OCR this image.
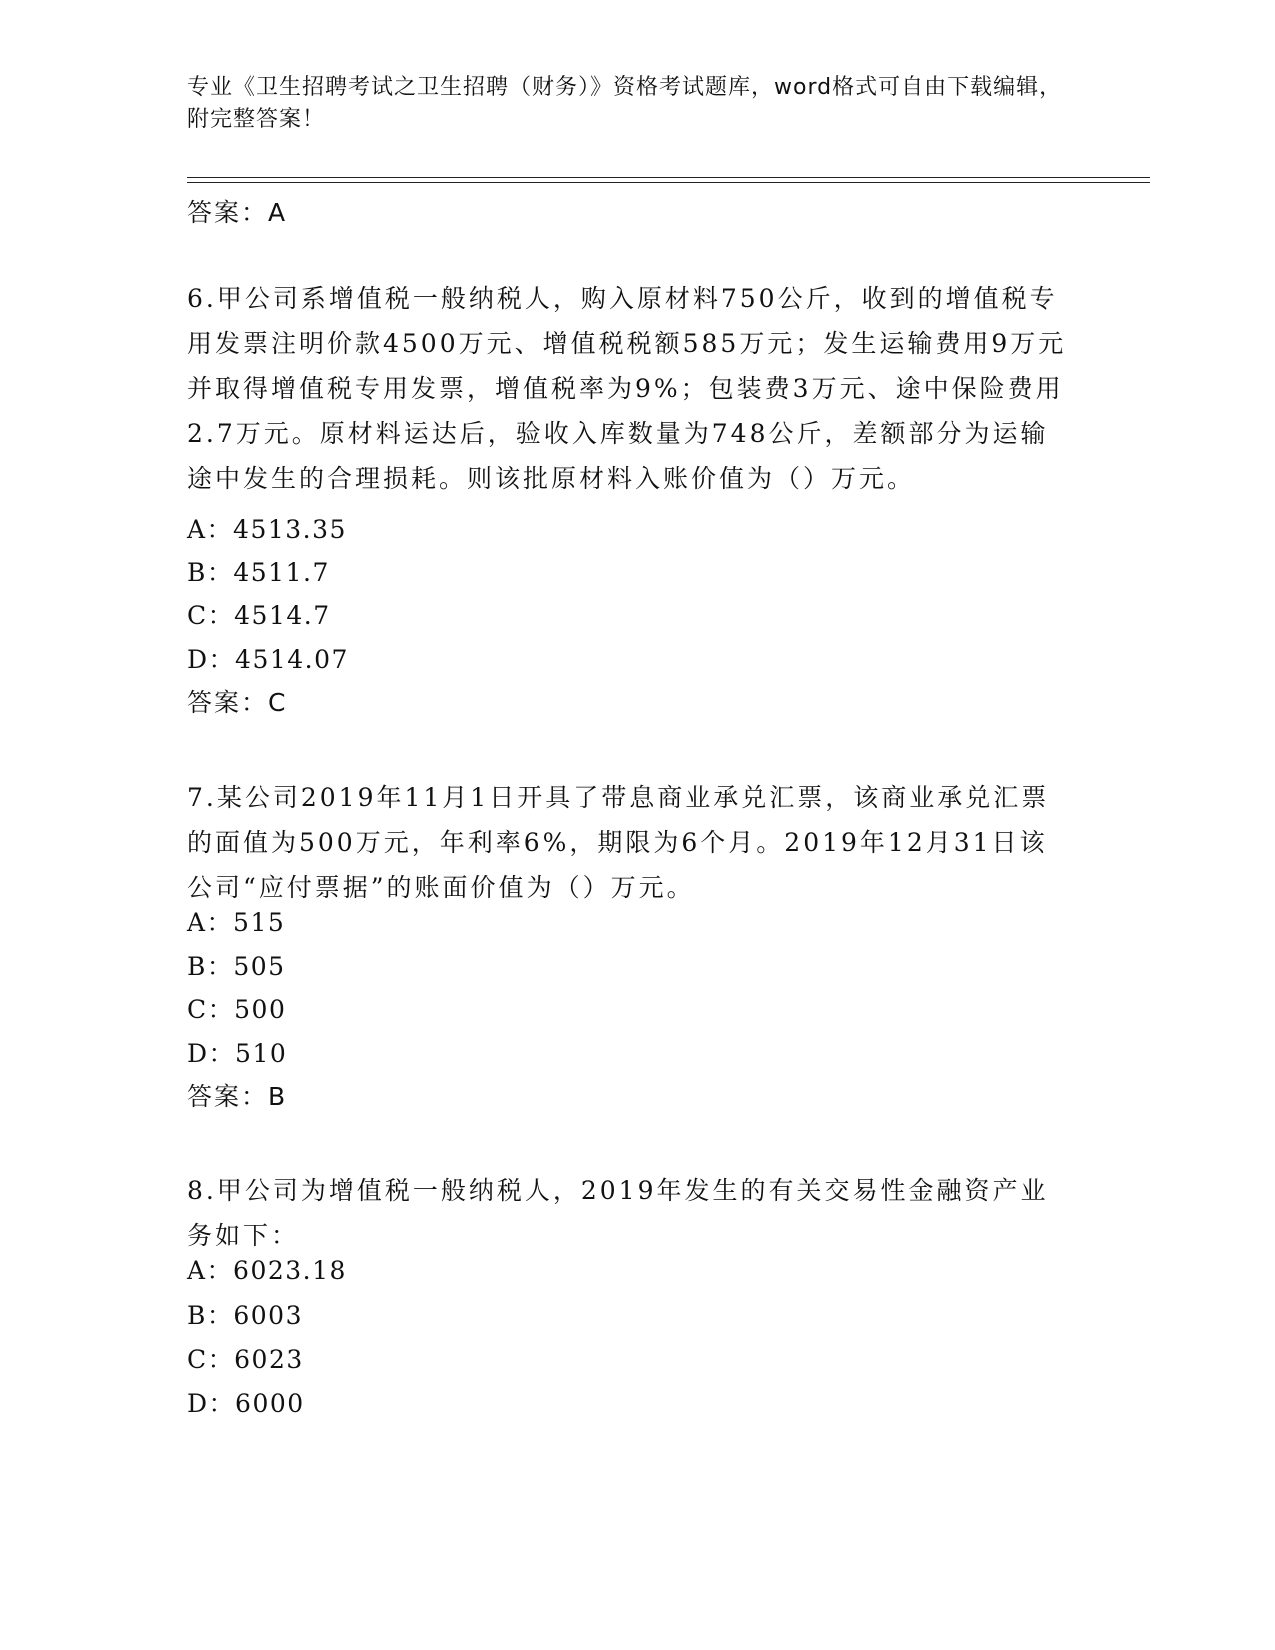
专业《卫生招聘考试之卫生招聘（财务）》资格考试题库，word格式可自由下载编辑，附完整答案！
答案：A
6.甲公司系增值税一般纳税人，购入原材料750公斤，收到的增值税专用发票注明价款4500万元、增值税税额585万元；发生运输费用9万元并取得增值税专用发票，增值税率为9%；包装费3万元、途中保险费用2.7万元。原材料运达后，验收入库数量为748公斤，差额部分为运输途中发生的合理损耗。则该批原材料入账价值为（）万元。
A：4513.35
B：4511.7
C：4514.7
D：4514.07
答案：C
7.某公司2019年11月1日开具了带息商业承兑汇票，该商业承兑汇票的面值为500万元，年利率6%，期限为6个月。2019年12月31日该公司“应付票据”的账面价值为（）万元。
A：515
B：505
C：500
D：510
答案：B
8.甲公司为增值税一般纳税人，2019年发生的有关交易性金融资产业务如下：
A：6023.18
B：6003
C：6023
D：6000
